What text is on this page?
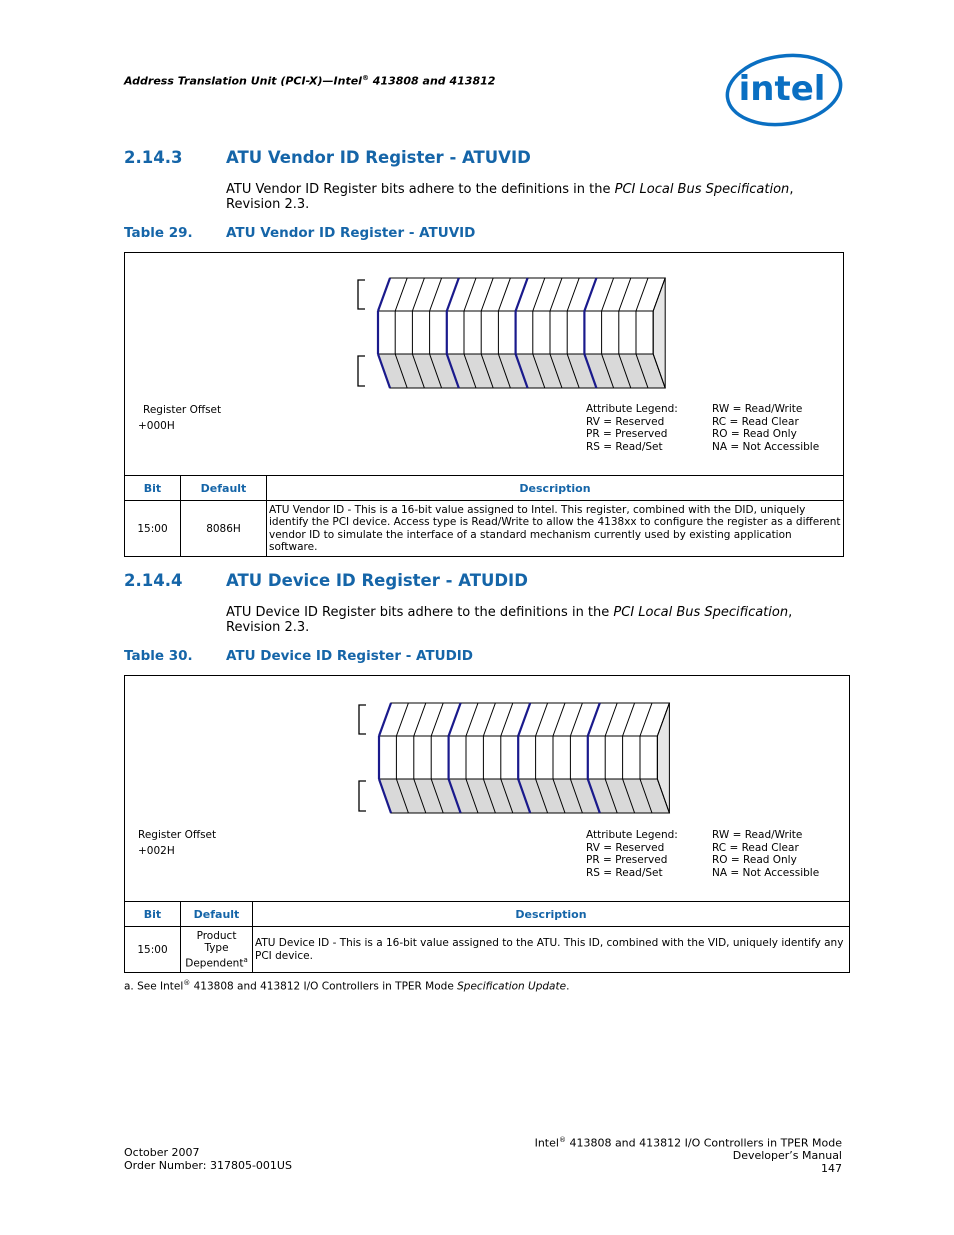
Address Translation Unit (PCI-X)—Intel® 413808 and 413812	intel
2.14.3	ATU Vendor ID Register - ATUVID
ATU Vendor ID Register bits adhere to the definitions in the PCI Local Bus Specification,
Revision 2.3.
Table 29. ATU Vendor ID Register - ATUVID
Register Offset
+000H
Attribute Legend:
RV = Reserved
PR = Preserved
RS = Read/Set
RW = Read/Write
RC = Read Clear
RO = Read Only
NA = Not Accessible
Bit	Default	Description
15:00	8086H	ATU Vendor ID - This is a 16-bit value assigned to Intel. This register, combined with the DID, uniquely identify the PCI device. Access type is Read/Write to allow the 4138xx to configure the register as a different vendor ID to simulate the interface of a standard mechanism currently used by existing application software.
2.14.4	ATU Device ID Register - ATUDID
ATU Device ID Register bits adhere to the definitions in the PCI Local Bus Specification,
Revision 2.3.
Table 30. ATU Device ID Register - ATUDID
Register Offset
+002H
Attribute Legend:
RV = Reserved
PR = Preserved
RS = Read/Set
RW = Read/Write
RC = Read Clear
RO = Read Only
NA = Not Accessible
Bit	Default	Description
15:00	Product
Type
Dependent$^a$	ATU Device ID - This is a 16-bit value assigned to the ATU. This ID, combined with the VID, uniquely identify any PCI device.
a. See Intel® 413808 and 413812 I/O Controllers in TPER Mode Specification Update.
October 2007
Order Number: 317805-001US
Intel® 413808 and 413812 I/O Controllers in TPER Mode
Developer’s Manual
147
